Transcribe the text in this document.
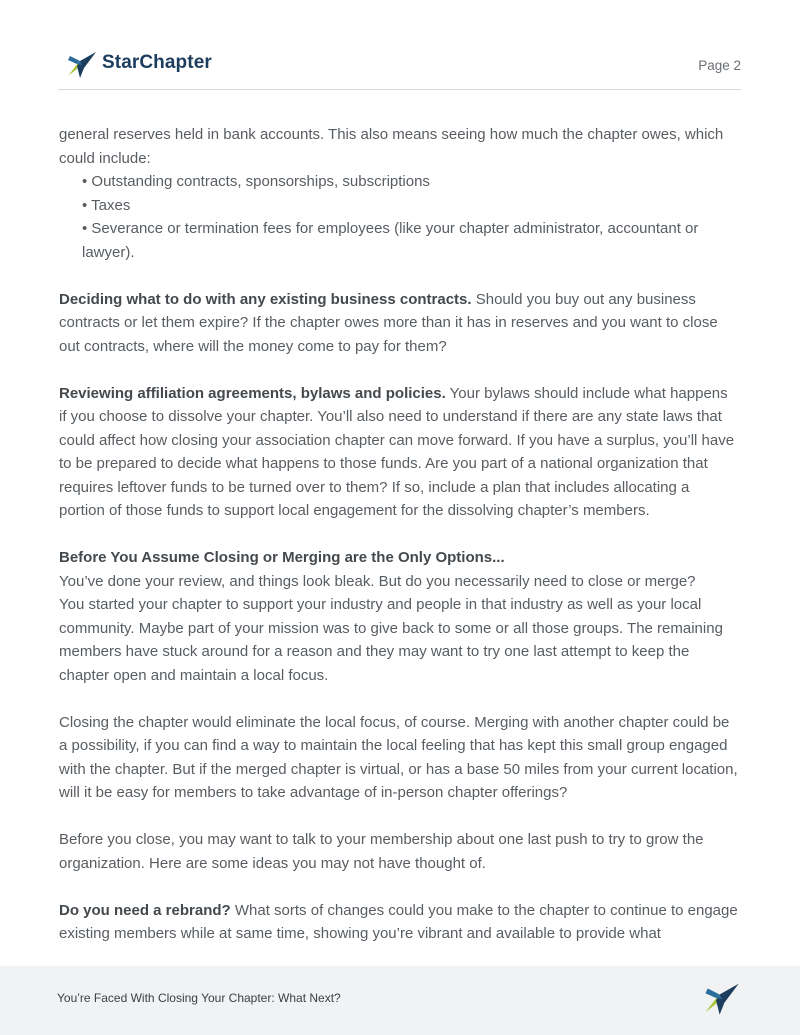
StarChapter	Page 2

general reserves held in bank accounts. This also means seeing how much the chapter owes, which could include:

• Outstanding contracts, sponsorships, subscriptions
• Taxes
• Severance or termination fees for employees (like your chapter administrator, accountant or lawyer).

Deciding what to do with any existing business contracts. Should you buy out any business contracts or let them expire? If the chapter owes more than it has in reserves and you want to close out contracts, where will the money come to pay for them?

Reviewing affiliation agreements, bylaws and policies. Your bylaws should include what happens if you choose to dissolve your chapter. You’ll also need to understand if there are any state laws that could affect how closing your association chapter can move forward. If you have a surplus, you’ll have to be prepared to decide what happens to those funds. Are you part of a national organization that requires leftover funds to be turned over to them? If so, include a plan that includes allocating a portion of those funds to support local engagement for the dissolving chapter’s members.

Before You Assume Closing or Merging are the Only Options...

You’ve done your review, and things look bleak. But do you necessarily need to close or merge?

You started your chapter to support your industry and people in that industry as well as your local community. Maybe part of your mission was to give back to some or all those groups. The remaining members have stuck around for a reason and they may want to try one last attempt to keep the chapter open and maintain a local focus.

Closing the chapter would eliminate the local focus, of course. Merging with another chapter could be a possibility, if you can find a way to maintain the local feeling that has kept this small group engaged with the chapter. But if the merged chapter is virtual, or has a base 50 miles from your current location, will it be easy for members to take advantage of in-person chapter offerings?

Before you close, you may want to talk to your membership about one last push to try to grow the organization. Here are some ideas you may not have thought of.

Do you need a rebrand? What sorts of changes could you make to the chapter to continue to engage existing members while at same time, showing you’re vibrant and available to provide what

You’re Faced With Closing Your Chapter: What Next?
